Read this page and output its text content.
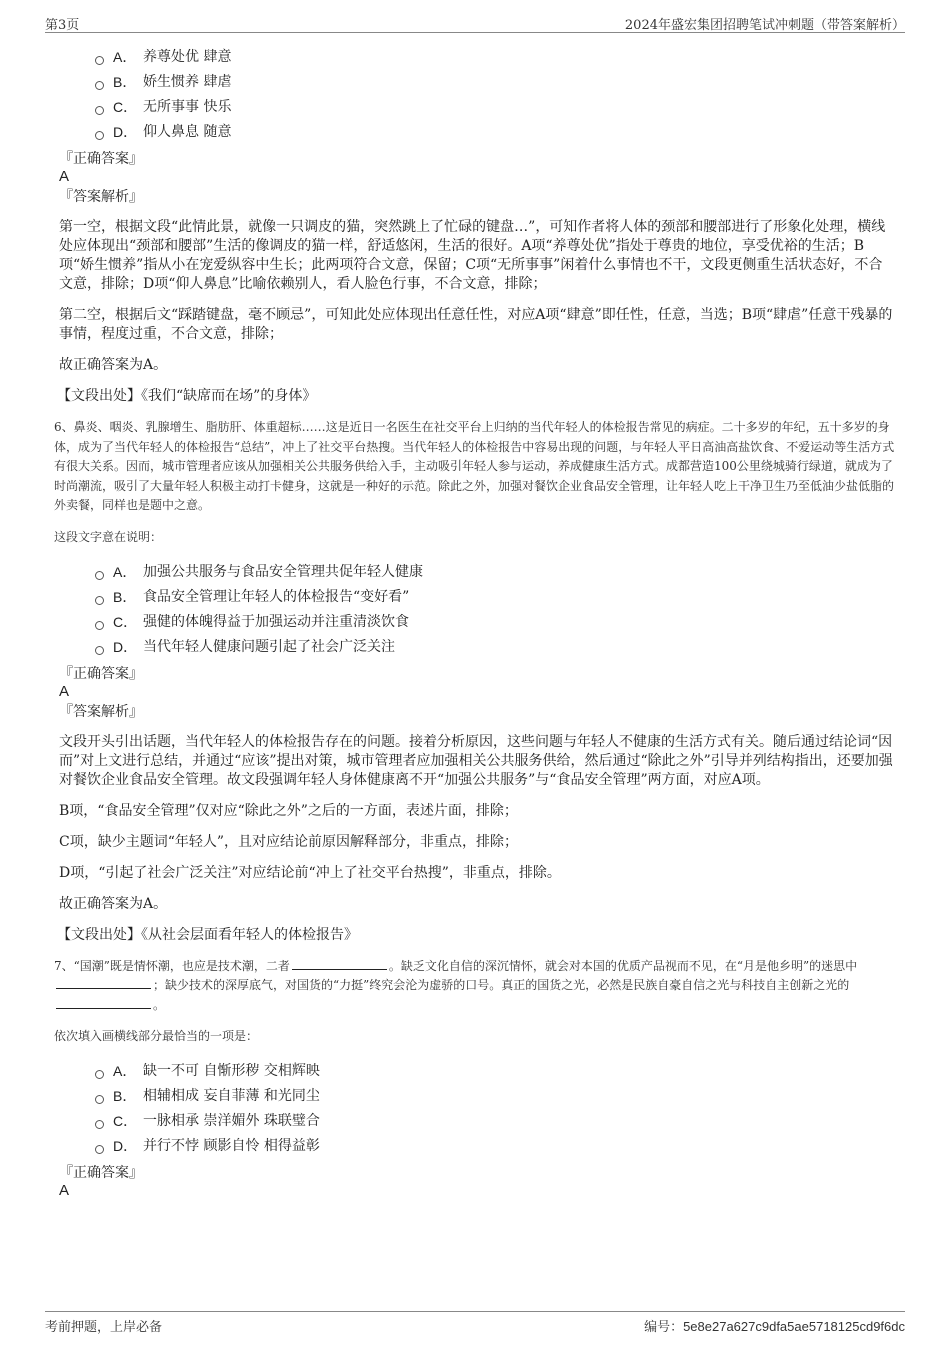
第3页	2024年盛宏集团招聘笔试冲刺题（带答案解析）
A． 养尊处优 肆意
B． 娇生惯养 肆虐
C． 无所事事 快乐
D． 仰人鼻息 随意
『正确答案』
A
『答案解析』

第一空，根据文段“此情此景，就像一只调皮的猫，突然跳上了忙碌的键盘…”，可知作者将人体的颈部和腰部进行了形象化处理，横线处应体现出“颈部和腰部”生活的像调皮的猫一样，舒适悠闲，生活的很好。A项“养尊处优”指处于尊贵的地位，享受优裕的生活；B项“娇生惯养”指从小在宠爱纵容中生长；此两项符合文意，保留；C项“无所事事”闲着什么事情也不干，文段更侧重生活状态好，不合文意，排除；D项“仰人鼻息”比喻依赖别人，看人脸色行事，不合文意，排除；

第二空，根据后文“踩踏键盘，毫不顾忌”，可知此处应体现出任意任性，对应A项“肆意”即任性，任意，当选；B项“肆虐”任意干残暴的事情，程度过重，不合文意，排除；

故正确答案为A。

【文段出处】《我们“缺席而在场”的身体》

6、鼻炎、咽炎、乳腺增生、脂肪肝、体重超标……这是近日一名医生在社交平台上归纳的当代年轻人的体检报告常见的病症。二十多岁的年纪，五十多岁的身体，成为了当代年轻人的体检报告“总结”，冲上了社交平台热搜。当代年轻人的体检报告中容易出现的问题，与年轻人平日高油高盐饮食、不爱运动等生活方式有很大关系。因而，城市管理者应该从加强相关公共服务供给入手，主动吸引年轻人参与运动，养成健康生活方式。成都营造100公里绕城骑行绿道，就成为了时尚潮流，吸引了大量年轻人积极主动打卡健身，这就是一种好的示范。除此之外，加强对餐饮企业食品安全管理，让年轻人吃上干净卫生乃至低油少盐低脂的外卖餐，同样也是题中之意。

这段文字意在说明：

A． 加强公共服务与食品安全管理共促年轻人健康
B． 食品安全管理让年轻人的体检报告“变好看”
C． 强健的体魄得益于加强运动并注重清淡饮食
D． 当代年轻人健康问题引起了社会广泛关注
『正确答案』
A
『答案解析』

文段开头引出话题，当代年轻人的体检报告存在的问题。接着分析原因，这些问题与年轻人不健康的生活方式有关。随后通过结论词“因而”对上文进行总结，并通过“应该”提出对策，城市管理者应加强相关公共服务供给，然后通过“除此之外”引导并列结构指出，还要加强对餐饮企业食品安全管理。故文段强调年轻人身体健康离不开“加强公共服务”与“食品安全管理”两方面，对应A项。

B项，“食品安全管理”仅对应“除此之外”之后的一方面，表述片面，排除；

C项，缺少主题词“年轻人”，且对应结论前原因解释部分，非重点，排除；

D项，“引起了社会广泛关注”对应结论前“冲上了社交平台热搜”，非重点，排除。

故正确答案为A。

【文段出处】《从社会层面看年轻人的体检报告》

7、“国潮”既是情怀潮，也应是技术潮，二者	。缺乏文化自信的深沉情怀，就会对本国的优质产品视而不见，在“月是他乡明”的迷思中；缺少技术的深厚底气，对国货的“力挺”终究会沦为虚骄的口号。真正的国货之光，必然是民族自豪自信之光与科技自主创新之光的。

依次填入画横线部分最恰当的一项是：

A． 缺一不可 自惭形秽 交相辉映
B． 相辅相成 妄自菲薄 和光同尘
C． 一脉相承 崇洋媚外 珠联璧合
D． 并行不悖 顾影自怜 相得益彰
『正确答案』
A
考前押题，上岸必备	编号：5e8e27a627c9dfa5ae5718125cd9f6dc
